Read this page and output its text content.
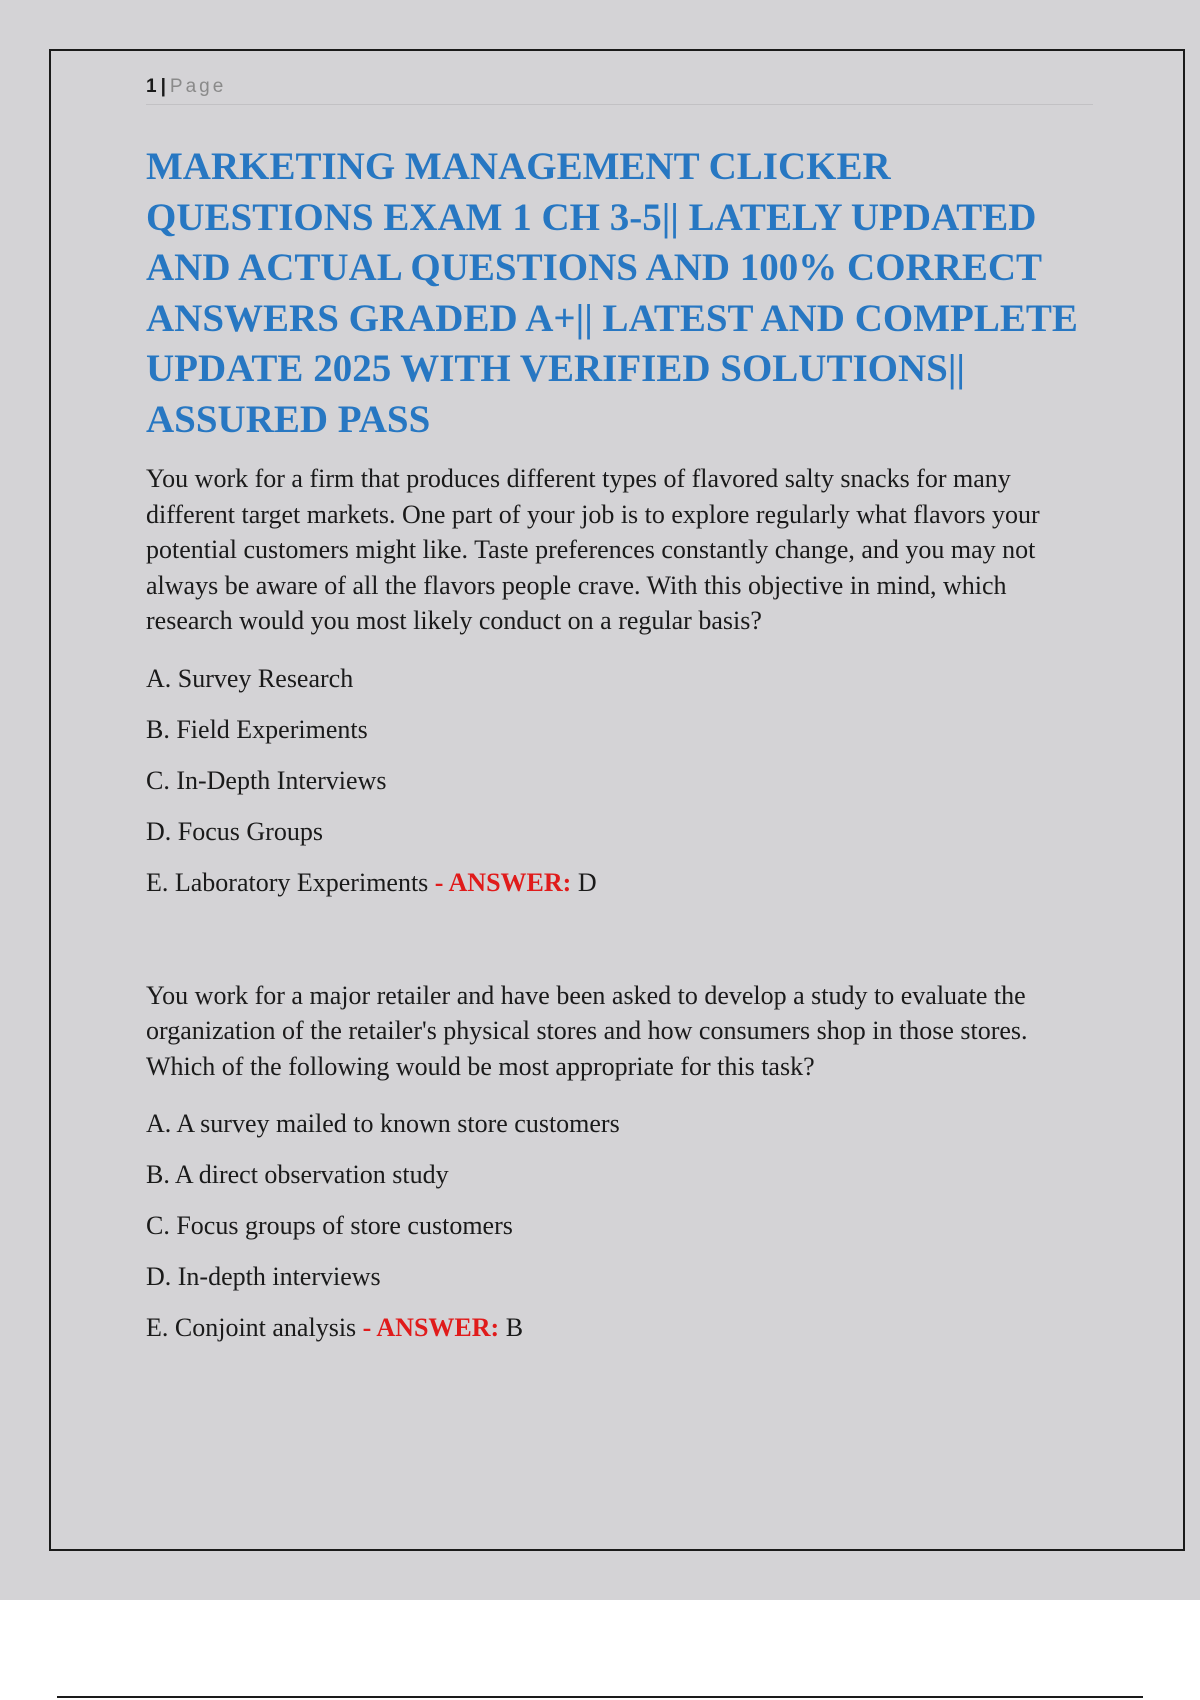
1 | Page
MARKETING MANAGEMENT CLICKER QUESTIONS EXAM 1 CH 3-5|| LATELY UPDATED AND ACTUAL QUESTIONS AND 100% CORRECT ANSWERS GRADED A+|| LATEST AND COMPLETE UPDATE 2025 WITH VERIFIED SOLUTIONS|| ASSURED PASS

You work for a firm that produces different types of flavored salty snacks for many different target markets. One part of your job is to explore regularly what flavors your potential customers might like. Taste preferences constantly change, and you may not always be aware of all the flavors people crave. With this objective in mind, which research would you most likely conduct on a regular basis?

A. Survey Research

B. Field Experiments

C. In-Depth Interviews

D. Focus Groups

E. Laboratory Experiments - ANSWER: D

You work for a major retailer and have been asked to develop a study to evaluate the organization of the retailer's physical stores and how consumers shop in those stores. Which of the following would be most appropriate for this task?

A. A survey mailed to known store customers

B. A direct observation study

C. Focus groups of store customers

D. In-depth interviews

E. Conjoint analysis - ANSWER: B
